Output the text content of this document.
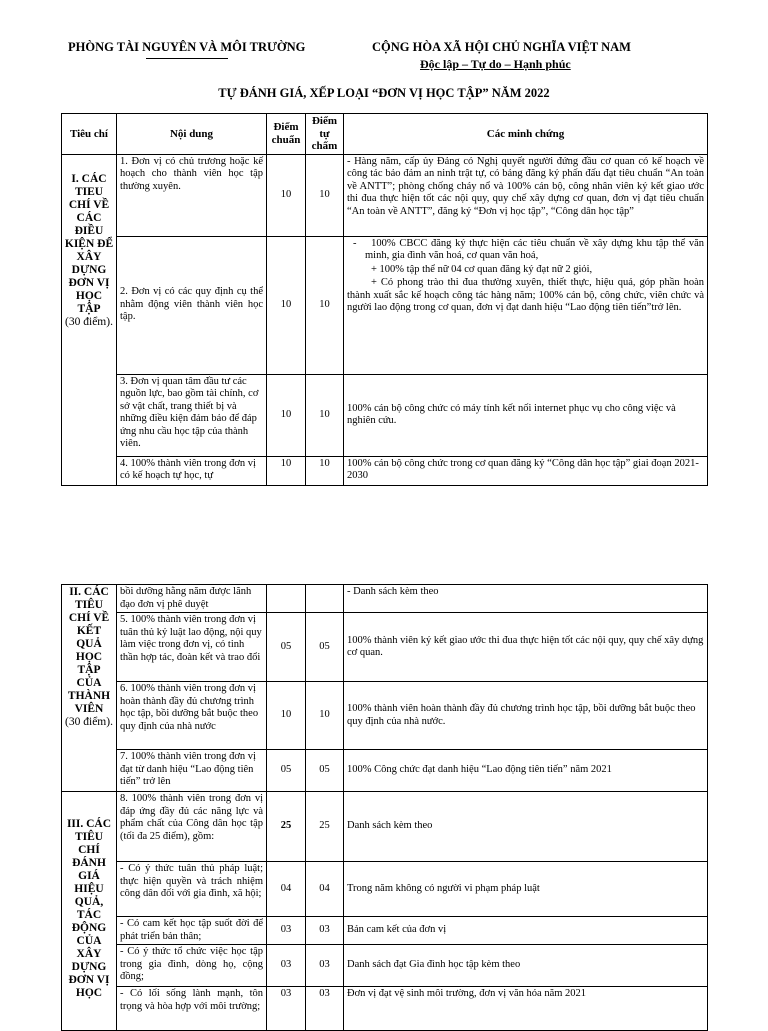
PHÒNG TÀI NGUYÊN VÀ MÔI TRƯỜNG	CỘNG HÒA XÃ HỘI CHỦ NGHĨA VIỆT NAM
Độc lập – Tự do – Hạnh phúc
TỰ ĐÁNH GIÁ, XẾP LOẠI “ĐƠN VỊ HỌC TẬP” NĂM 2022
Tiêu chí	Nội dung	Điểm chuẩn	Điểm tự chấm	Các minh chứng
I. CÁC TIEU CHÍ VỀ CÁC ĐIỀU KIỆN ĐỂ XÂY DỰNG ĐƠN VỊ HỌC TẬP
(30 điểm).	1. Đơn vị có chủ trương hoặc kế hoạch cho thành viên học tập thường xuyên.	10	10	- Hàng năm, cấp ủy Đảng có Nghị quyết người đứng đầu cơ quan có kế hoạch về công tác bảo đảm an ninh trật tự, có bảng đăng ký phấn đấu đạt tiêu chuẩn “An toàn về ANTT”; phòng chống cháy nổ và 100% cán bộ, công nhân viên ký kết giao ước thi đua thực hiện tốt các nội quy, quy chế xây dựng cơ quan, đơn vị đạt tiêu chuẩn “An toàn về ANTT”, đăng ký “Đơn vị học tập”, “Công dân học tập”
	2. Đơn vị có các quy định cụ thể nhằm động viên thành viên học tập.	10	10	-    100% CBCC đăng ký thực hiện các tiêu chuẩn về xây dựng khu tập thể văn minh, gia đình văn hoá, cơ quan văn hoá,
+ 100% tập thể nữ 04 cơ quan đăng ký đạt nữ 2 giỏi,
+ Có phong trào thi đua thường xuyên, thiết thực, hiệu quả, góp phần hoàn thành xuất sắc kế hoạch công tác hàng năm; 100% cán bộ, công chức, viên chức và người lao động trong cơ quan, đơn vị đạt danh hiệu “Lao động tiên tiến”trở lên.

	3. Đơn vị quan tâm đầu tư các nguồn lực, bao gồm tài chính, cơ sở vật chất, trang thiết bị và những điều kiện đảm bảo để đáp ứng nhu cầu học tập của thành viên.	10	10	100% cán bộ công chức có máy tính kết nối internet phục vụ cho công việc và nghiên cứu.
	4. 100% thành viên trong đơn vị có kế hoạch tự học, tự	10	10	100% cán bộ công chức trong cơ quan đăng ký “Công dân học tập” giai đoạn 2021-2030
II. CÁC TIÊU CHÍ VỀ KẾT QUẢ HỌC TẬP CỦA THÀNH VIÊN
(30 điểm).	bồi dưỡng hằng năm được lãnh đạo đơn vị phê duyệt			- Danh sách kèm theo
	5. 100% thành viên trong đơn vị tuân thủ kỷ luật lao động, nội quy làm việc trong đơn vị, có tinh thần hợp tác, đoàn kết và trao đổi	05	05	100% thành viên ký kết giao ước thi đua thực hiện tốt các nội quy, quy chế xây dựng cơ quan.
	6. 100% thành viên trong đơn vị hoàn thành đầy đủ chương trình học tập, bồi dưỡng bắt buộc theo quy định của nhà nước	10	10	100% thành viên hoàn thành đầy đủ chương trình học tập, bồi dưỡng bắt buộc theo quy định của nhà nước.
	7. 100% thành viên trong đơn vị đạt từ danh hiệu “Lao động tiên tiến” trở lên	05	05	100% Công chức đạt danh hiệu “Lao động tiên tiến” năm 2021
III. CÁC TIÊU CHÍ ĐÁNH GIÁ HIỆU QUẢ, TÁC ĐỘNG CỦA XÂY DỰNG ĐƠN VỊ HỌC	8. 100% thành viên trong đơn vị đáp ứng đầy đủ các năng lực và phẩm chất của Công dân học tập (tối đa 25 điểm), gồm:	25	25	Danh sách kèm theo
	- Có ý thức tuân thủ pháp luật; thực hiện quyền và trách nhiệm công dân đối với gia đình, xã hội;	04	04	Trong năm không có người vi phạm pháp luật
	- Có cam kết học tập suốt đời để phát triển bản thân;	03	03	Bản cam kết của đơn vị
	- Có ý thức tổ chức việc học tập trong gia đình, dòng họ, cộng đồng;	03	03	Danh sách đạt Gia đình học tập kèm theo
	- Có lối sống lành mạnh, tôn trọng và hòa hợp với môi trường;	03	03	Đơn vị đạt vệ sinh môi trường, đơn vị văn hóa năm 2021
